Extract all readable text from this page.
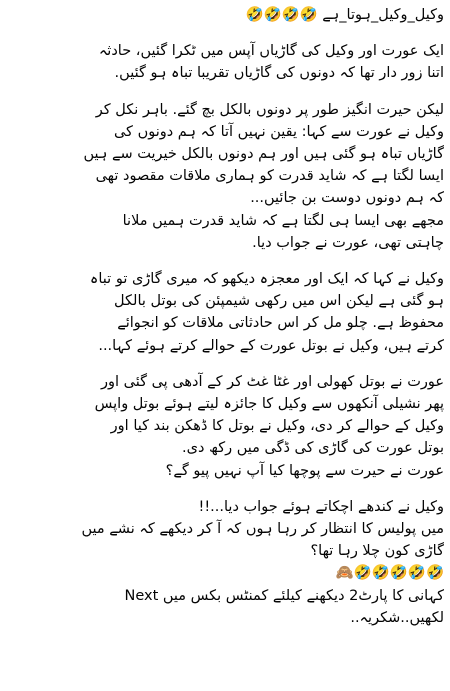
وکیل_وکیل_ہوتا_ہے 🤣🤣🤣🤣

ایک عورت اور وکیل کی گاڑیاں آپس میں ٹکرا گئیں، حادثہ
اتنا زور دار تھا کہ دونوں کی گاڑیاں تقریبا تباہ ہو گئیں.

لیکن حیرت انگیز طور پر دونوں بالکل بچ گئے. باہر نکل کر
وکیل نے عورت سے کہا: یقین نہیں آتا کہ ہم دونوں کی
گاڑیاں تباہ ہو گئی ہیں اور ہم دونوں بالکل خیریت سے ہیں
ایسا لگتا ہے کہ شاید قدرت کو ہماری ملاقات مقصود تھی
کہ ہم دونوں دوست بن جائیں...
مجھے بھی ایسا ہی لگتا ہے کہ شاید قدرت ہمیں ملانا
چاہتی تھی، عورت نے جواب دیا.

وکیل نے کہا کہ ایک اور معجزہ دیکھو کہ میری گاڑی تو تباہ
ہو گئی ہے لیکن اس میں رکھی شیمپئن کی بوتل بالکل
محفوظ ہے. چلو مل کر اس حادثاتی ملاقات کو انجوائے
کرتے ہیں، وکیل نے بوتل عورت کے حوالے کرتے ہوئے کہا...

عورت نے بوتل کھولی اور غٹا غٹ کر کے آدھی پی گئی اور
پھر نشیلی آنکھوں سے وکیل کا جائزہ لیتے ہوئے بوتل واپس
وکیل کے حوالے کر دی، وکیل نے بوتل کا ڈھکن بند کیا اور
بوتل عورت کی گاڑی کی ڈگی میں رکھ دی.
عورت نے حیرت سے پوچھا کیا آپ نہیں پیو گے؟

وکیل نے کندھے اچکاتے ہوئے جواب دیا...!!
میں پولیس کا انتظار کر رہا ہوں کہ آ کر دیکھے کہ نشے میں
گاڑی کون چلا رہا تھا؟
🤣🤣🤣🤣🤣🙈
کہانی کا پارٹ2 دیکھنے کیلئے کمنٹس بکس میں Next
لکھیں..شکریہ..
